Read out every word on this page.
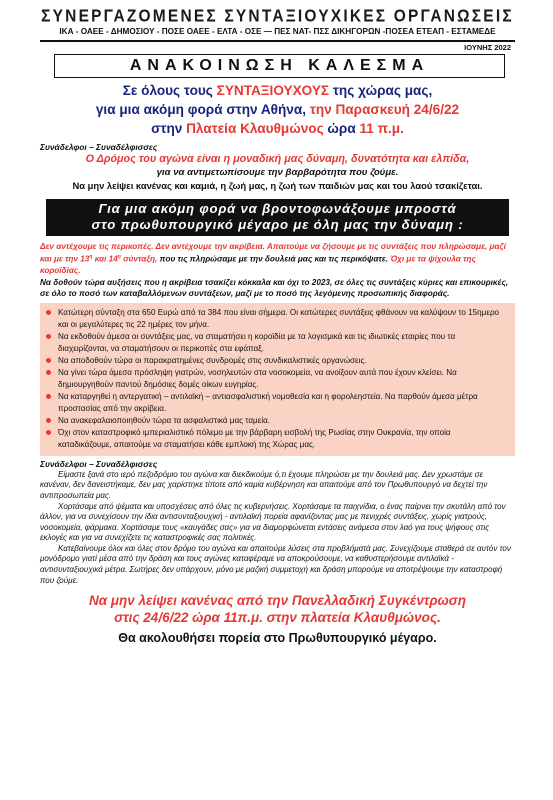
ΣΥΝΕΡΓΑΖΟΜΕΝΕΣ ΣΥΝΤΑΞΙΟΥΧΙΚΕΣ ΟΡΓΑΝΩΣΕΙΣ
ΙΚΑ - ΟΑΕΕ - ΔΗΜΟΣΙΟΥ - ΠΟΣΕ ΟΑΕΕ - ΕΛΤΑ - ΟΣΕ — ΠΕΣ ΝΑΤ- ΠΣΣ ΔΙΚΗΓΟΡΩΝ -ΠΟΣΕΑ ΕΤΕΑΠ - ΕΣΤΑΜΕΔΕ
ΙΟΥΝΗΣ 2022
ΑΝΑΚΟΙΝΩΣΗ ΚΑΛΕΣΜΑ
Σε όλους τους ΣΥΝΤΑΞΙΟΥΧΟΥΣ της χώρας μας,
για μια ακόμη φορά στην Αθήνα, την Παρασκευή 24/6/22
στην Πλατεία Κλαυθμώνος ώρα 11 π.μ.
Συνάδελφοι – Συναδέλφισσες
Ο Δρόμος του αγώνα είναι η μοναδική μας δύναμη, δυνατότητα και ελπίδα,
για να αντιμετωπίσουμε την βαρβαρότητα που ζούμε.
Να μην λείψει κανένας και καμιά, η ζωή μας, η ζωή των παιδιών μας και του λαού τσακίζεται.
Για μια ακόμη φορά να βροντοφωνάξουμε μπροστά
στο πρωθυπουργικό μέγαρο με όλη μας την δύναμη :
Δεν αντέχουμε τις περικοπές. Δεν αντέχουμε την ακρίβεια. Απαιτούμε να ζήσουμε με τις συντάξεις που πληρώσαμε, μαζί και με την $13^\eta$ και $14^\eta$ σύνταξη, που τις πληρώσαμε με την δουλειά μας και τις περικόψατε. Όχι με τα ψίχουλα της κοροϊδίας.
Να δοθούν τώρα αυξήσεις που η ακρίβεια τσακίζει κόκκαλα και όχι το 2023, σε όλες τις συντάξεις κύριες και επικουρικές, σε όλο το ποσό των καταβαλλόμενων συντάξεων, μαζί με το ποσό της λεγόμενης προσωπικής διαφοράς.
Κατώτερη σύνταξη στα 650 Ευρώ από τα 384 που είναι σήμερα. Οι κατώτερες συντάξεις φθάνουν να καλύψουν το 15ημερο και οι μεγαλύτερες τις 22 ημέρες τον μήνα.
Να εκδοθούν άμεσα οι συντάξεις μας, να σταματήσει η κοροϊδία με τα λογισμικά και τις ιδιωτικές εταιρίες που τα διαχειρίζονται, να σταματήσουν οι περικοπές στα εφάπαξ.
Να αποδοθούν τώρα οι παρακρατημένες συνδρομές στις συνδικαλιστικές οργανώσεις.
Να γίνει τώρα άμεσα πρόσληψη γιατρών, νοσηλευτών στα νοσοκομεία, να ανοίξουν αυτά που έχουν κλείσει. Να δημιουργηθούν παντού δημόσιες δομές οίκων ευγηρίας.
Να καταργηθεί η αντεργατική – αντιλαϊκή – αντιασφαλιστική νομοθεσία και η φορολεηστεία. Να παρθούν άμεσα μέτρα προστασίας από την ακρίβεια.
Να ανακεφαλαιοποιηθούν τώρα τα ασφαλιστικά μας ταμεία.
Όχι στον καταστροφικό ιμπεριαλιστικό πόλεμο με την βάρβαρη εισβολή της Ρωσίας στην Ουκρανία, την οποία καταδικάζουμε, απαιτούμε να σταματήσει κάθε εμπλοκή της Χώρας μας.
Συνάδελφοι – Συναδέλφισσες
Είμαστε ξανά στο ιερό πεζοδρόμιο του αγώνα και διεκδικούμε ό,τι έχουμε πληρώσει με την δουλειά μας. Δεν χρωστάμε σε κανέναν, δεν δανειστήκαμε, δεν μας χαρίστηκε τίποτε από καμία κυβέρνηση και απαιτούμε από τον Πρωθυπουργό να δεχτεί την αντιπροσωπεία μας.
Χορτάσαμε από ψέματα και υποσχέσεις από όλες τις κυβερνήσεις. Χορτάσαμε τα παιχνίδια, ο ένας παίρνει την σκυτάλη από τον άλλον, για να συνεχίσουν την ίδια αντισυνταξιουχική - αντιλαϊκή πορεία αφανίζοντας μας με πενιχρές συντάξεις, χωρίς γιατρούς, νοσοκομεία, φάρμακα. Χορτάσαμε τους «καυγάδες σας» για να διαμορφώνεται εντάσεις ανάμεσα στον λαό για τους ψήφους στις εκλογές και για να συνεχίζετε τις καταστροφικές σας πολιτικές.
Κατεβαίνουμε όλοι και όλες στον δρόμο του αγώνα και απαιτούμε λύσεις στα προβλήματά μας. Συνεχίζουμε σταθερά σε αυτόν τον μονόδρομο γιατί μέσα από την δράση και τους αγώνες καταφέραμε να αποκρούσουμε, να καθυστερήσουμε αντιλαϊκά - αντισυνταξιουχικά μέτρα. Σωτήρες δεν υπάρχουν, μόνο με μαζική συμμετοχή και δράση μπορούμε να αποτρέψουμε την καταστροφή που ζούμε.
Να μην λείψει κανένας από την Πανελλαδική Συγκέντρωση
στις 24/6/22 ώρα 11π.μ. στην πλατεία Κλαυθμώνος.
Θα ακολουθήσει πορεία στο Πρωθυπουργικό μέγαρο.
